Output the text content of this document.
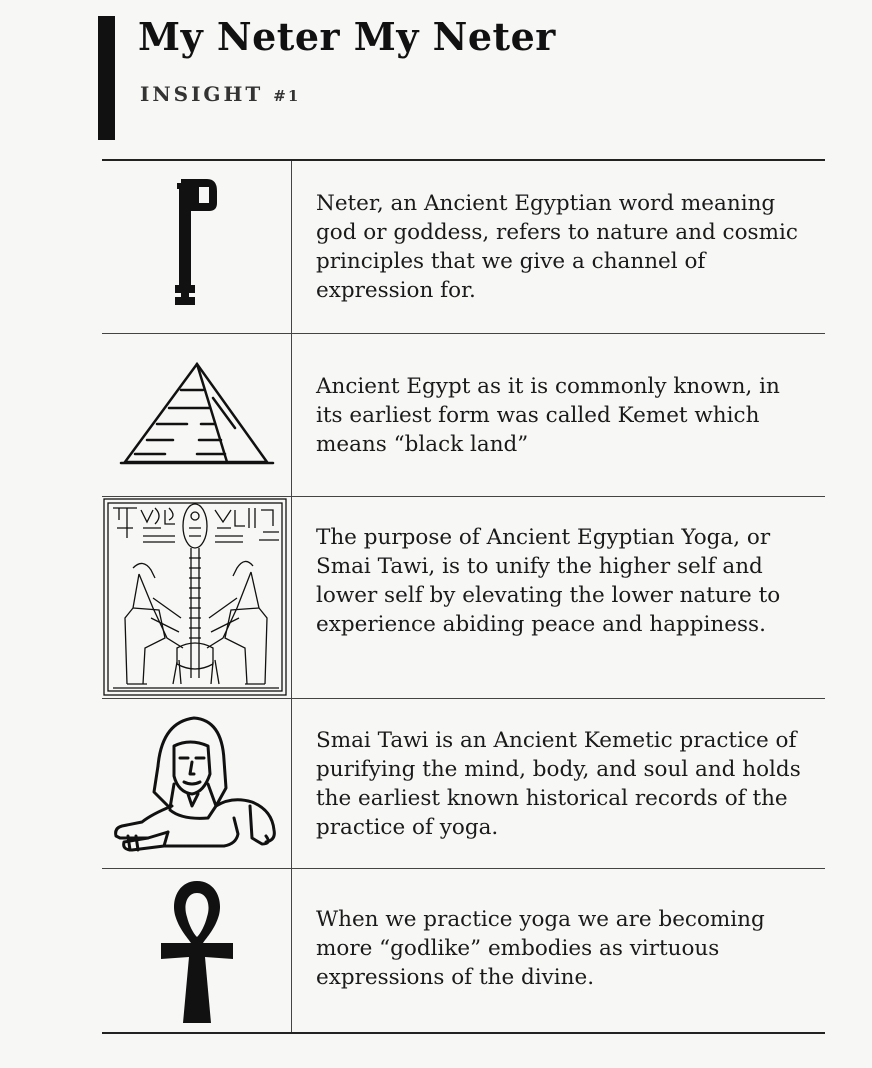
My Neter My Neter
INSIGHT #1
Neter, an Ancient Egyptian word meaning god or goddess, refers to nature and cosmic principles that we give a channel of expression for.
Ancient Egypt as it is commonly known, in its earliest form was called Kemet which means “black land”
The purpose of Ancient Egyptian Yoga, or Smai Tawi, is to unify the higher self and lower self by elevating the lower nature to experience abiding peace and happiness.
Smai Tawi is an Ancient Kemetic practice of purifying the mind, body, and soul and holds the earliest known historical records of the practice of yoga.
When we practice yoga we are becoming more “godlike” embodies as virtuous expressions of the divine.
